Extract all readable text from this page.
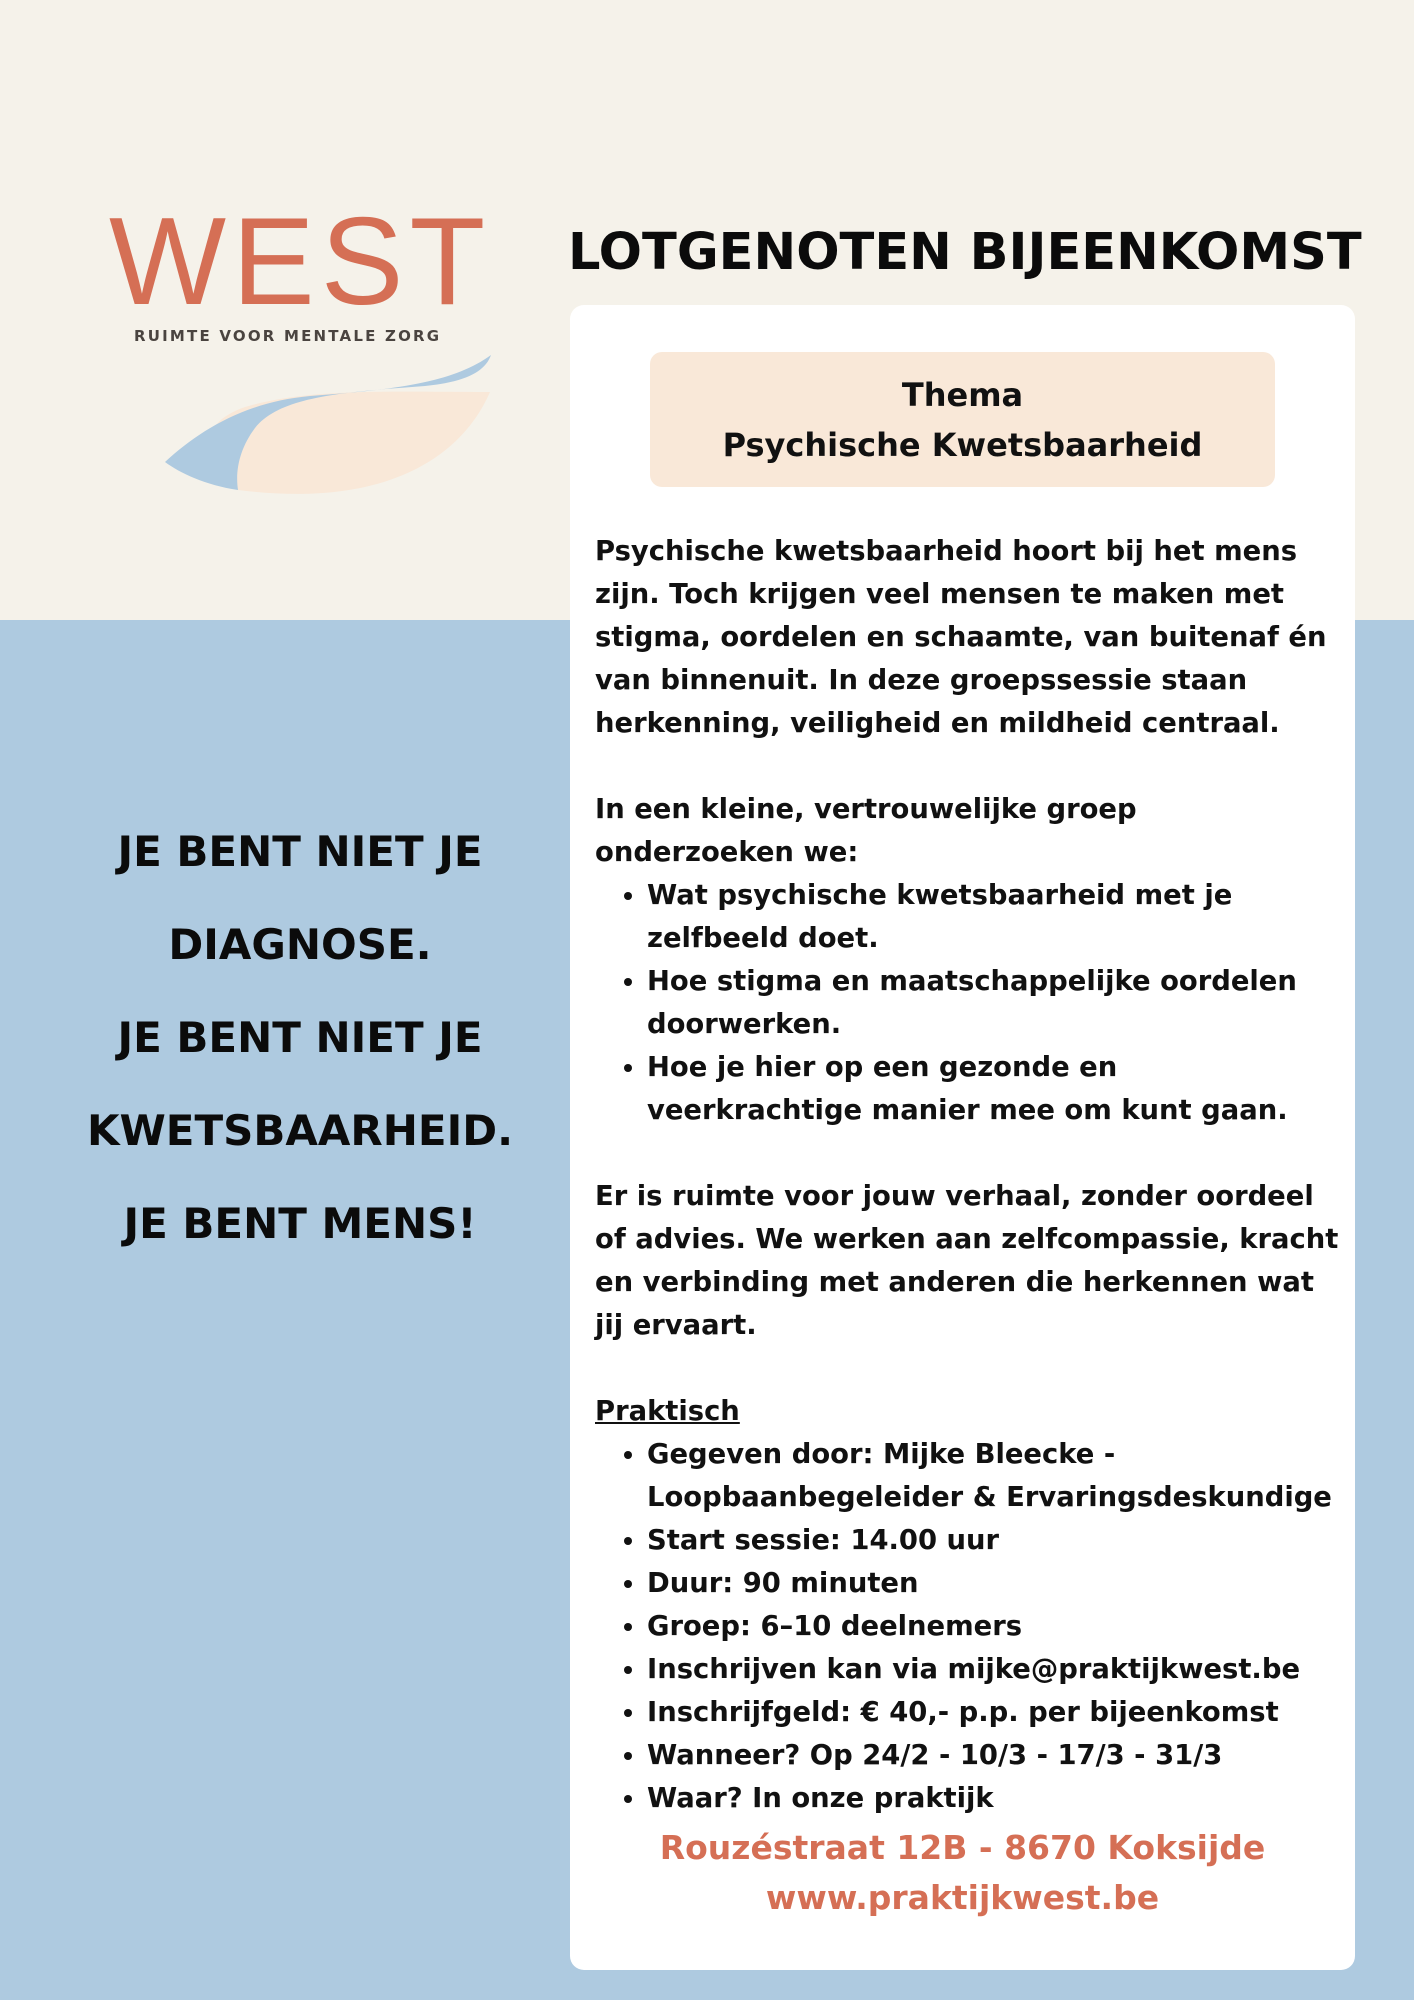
WEST

RUIMTE VOOR MENTALE ZORG

LOTGENOTEN BIJEENKOMST
JE BENT NIET JE
DIAGNOSE.
JE BENT NIET JE
KWETSBAARHEID.
JE BENT MENS!
Thema
Psychische Kwetsbaarheid

Psychische kwetsbaarheid hoort bij het mens zijn. Toch krijgen veel mensen te maken met stigma, oordelen en schaamte, van buitenaf én van binnenuit. In deze groepssessie staan herkenning, veiligheid en mildheid centraal.

In een kleine, vertrouwelijke groep onderzoeken we:

• Wat psychische kwetsbaarheid met je zelfbeeld doet.
• Hoe stigma en maatschappelijke oordelen doorwerken.
• Hoe je hier op een gezonde en veerkrachtige manier mee om kunt gaan.

Er is ruimte voor jouw verhaal, zonder oordeel of advies. We werken aan zelfcompassie, kracht en verbinding met anderen die herkennen wat jij ervaart.

Praktisch

• Gegeven door: Mijke Bleecke - Loopbaanbegeleider & Ervaringsdeskundige
• Start sessie: 14.00 uur
• Duur: 90 minuten
• Groep: 6–10 deelnemers
• Inschrijven kan via mijke@praktijkwest.be
• Inschrijfgeld: € 40,- p.p. per bijeenkomst
• Wanneer? Op 24/2 - 10/3 - 17/3 - 31/3
• Waar? In onze praktijk
Rouzéstraat 12B - 8670 Koksijde
www.praktijkwest.be
